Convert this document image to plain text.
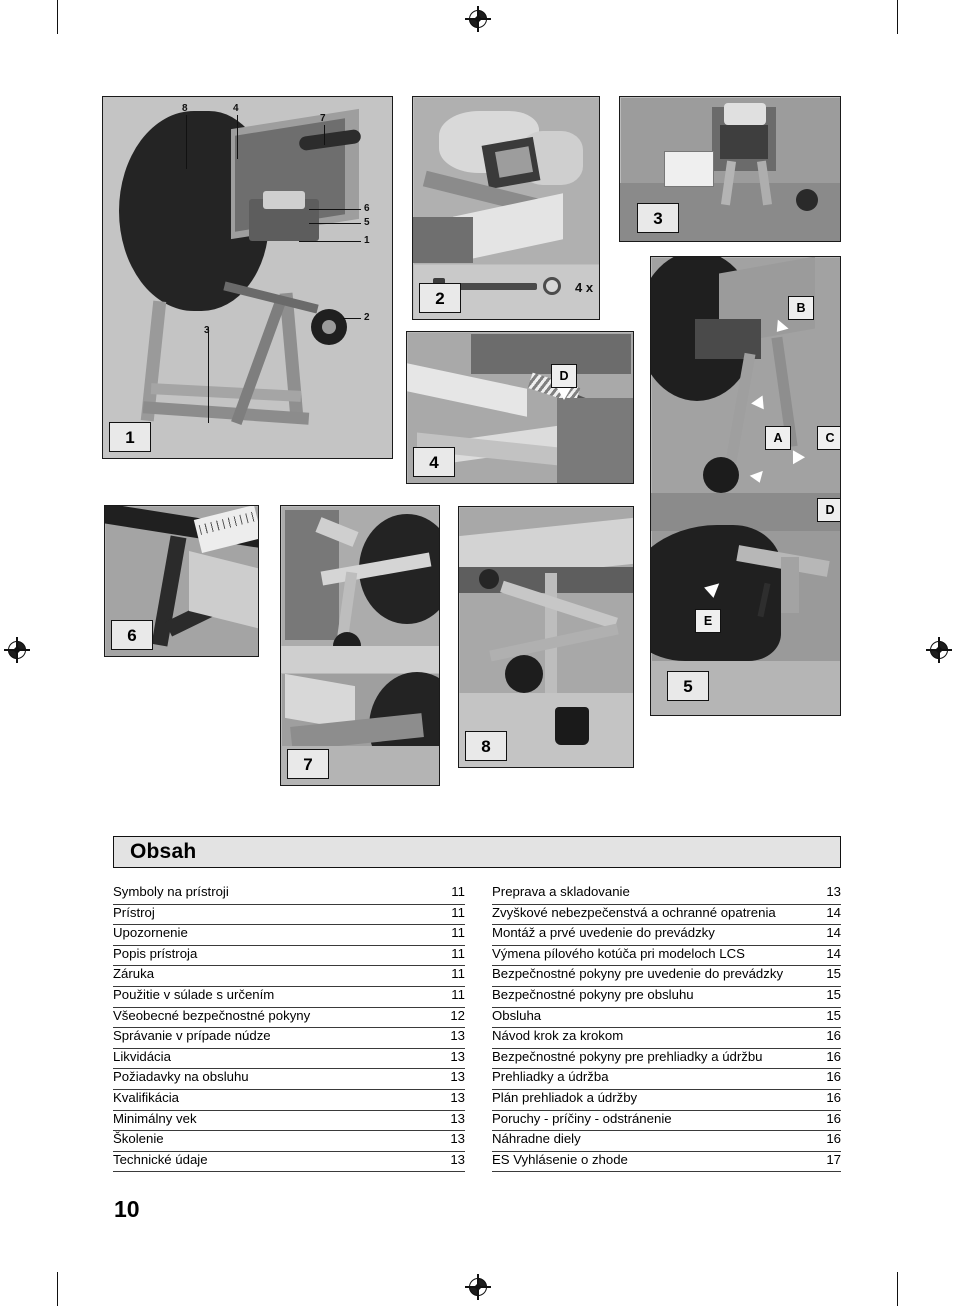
8	4
7
6
5
1
2
3
1
4 x
2
3
D
4
B
A	C
D
E
5
6
7
8
Obsah
Symboly na prístroji	11
Prístroj	11
Upozornenie	11
Popis prístroja	11
Záruka	11
Použitie v súlade s určením	11
Všeobecné bezpečnostné pokyny	12
Správanie v prípade núdze	13
Likvidácia	13
Požiadavky na obsluhu	13
Kvalifikácia	13
Minimálny vek	13
Školenie	13
Technické údaje	13
Preprava a skladovanie	13
Zvyškové nebezpečenstvá a ochranné opatrenia	14
Montáž a prvé uvedenie do prevádzky	14
Výmena pílového kotúča pri modeloch LCS	14
Bezpečnostné pokyny pre uvedenie do prevádzky	15
Bezpečnostné pokyny pre obsluhu	15
Obsluha	15
Návod krok za krokom	16
Bezpečnostné pokyny pre prehliadky a údržbu	16
Prehliadky a údržba	16
Plán prehliadok a údržby	16
Poruchy - príčiny - odstránenie	16
Náhradne diely	16
ES Vyhlásenie o zhode	17
10
